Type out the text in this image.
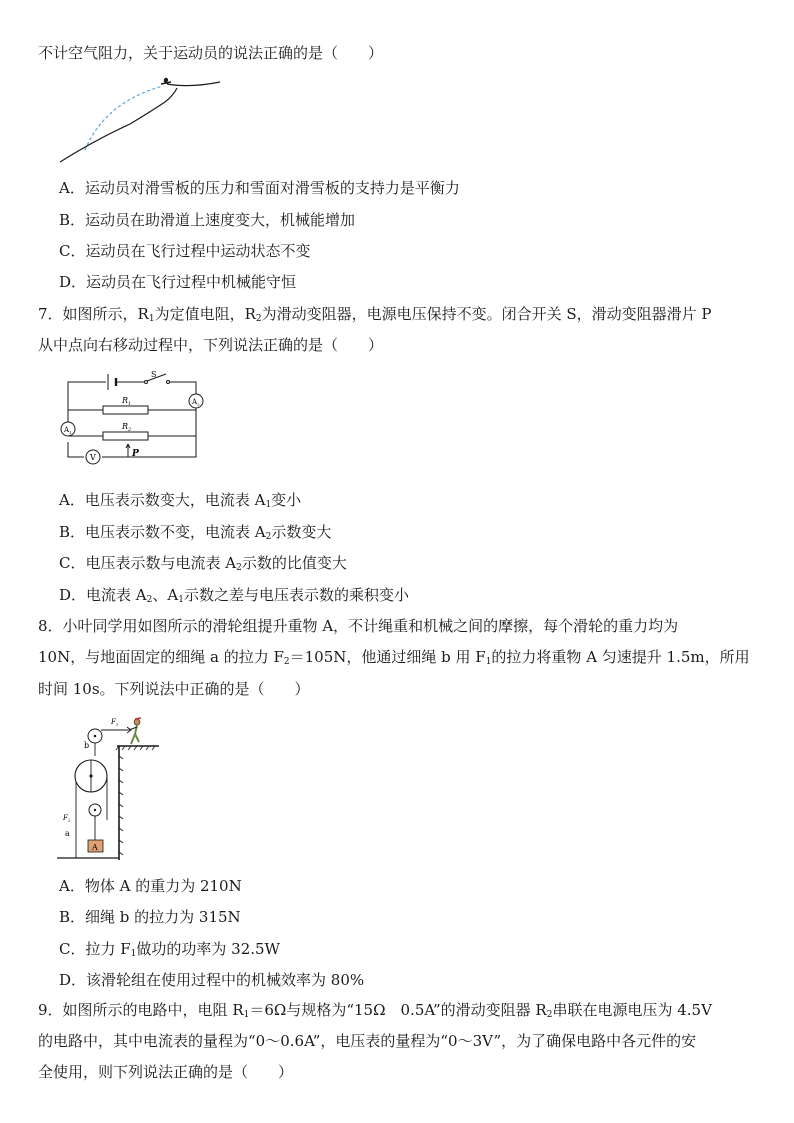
不计空气阻力，关于运动员的说法正确的是（　　）
A．运动员对滑雪板的压力和雪面对滑雪板的支持力是平衡力
B．运动员在助滑道上速度变大，机械能增加
C．运动员在飞行过程中运动状态不变
D．运动员在飞行过程中机械能守恒
7．如图所示，$R_1$为定值电阻，$R_2$为滑动变阻器，电源电压保持不变。闭合开关 S，滑动变阻器滑片 P
从中点向右移动过程中，下列说法正确的是（　　）
S
$R_1$
$R_2$
P
$A_2$
$A_1$
V
A．电压表示数变大，电流表 $A_1$变小
B．电压表示数不变，电流表 $A_2$示数变大
C．电压表示数与电流表 $A_2$示数的比值变大
D．电流表 $A_2$、$A_1$示数之差与电压表示数的乘积变小
8．小叶同学用如图所示的滑轮组提升重物 A，不计绳重和机械之间的摩擦，每个滑轮的重力均为
10N，与地面固定的细绳 a 的拉力 $F_2=105N$，他通过细绳 b 用 $F_1$的拉力将重物 A 匀速提升 1.5m，所用
时间 10s。下列说法中正确的是（　　）
A
$F_1$
b
$F_2$
a
A．物体 A 的重力为 210N
B．细绳 b 的拉力为 315N
C．拉力 $F_1$做功的功率为 32.5W
D．该滑轮组在使用过程中的机械效率为 80%
9．如图所示的电路中，电阻 $R_1=6\Omega$与规格为“15Ω　0.5A”的滑动变阻器 $R_2$串联在电源电压为 4.5V
的电路中，其中电流表的量程为“0～0.6A”，电压表的量程为“0～3V”，为了确保电路中各元件的安
全使用，则下列说法正确的是（　　）
